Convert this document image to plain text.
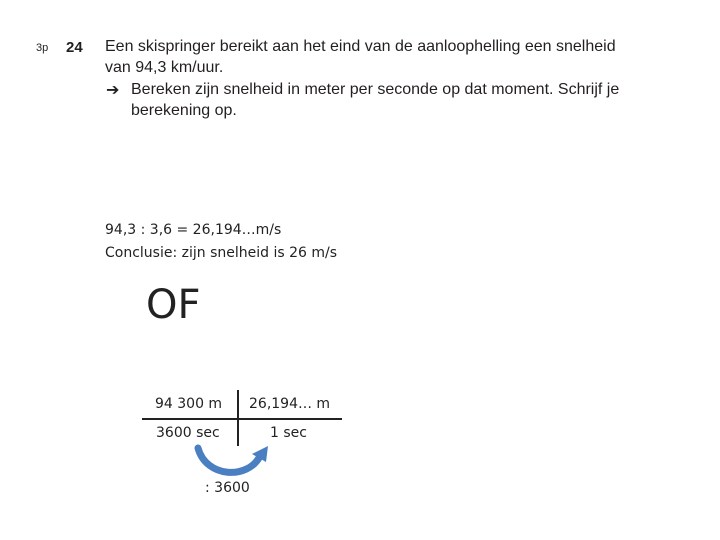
3p 24 Een skispringer bereikt aan het eind van de aanloophelling een snelheid
van 94,3 km/uur.
➔ Bereken zijn snelheid in meter per seconde op dat moment. Schrijf je
berekening op.
94,3 : 3,6 = 26,194…m/s
Conclusie: zijn snelheid is 26 m/s
OF
94 300 m 26,194… m
3600 sec	1 sec
: 3600
